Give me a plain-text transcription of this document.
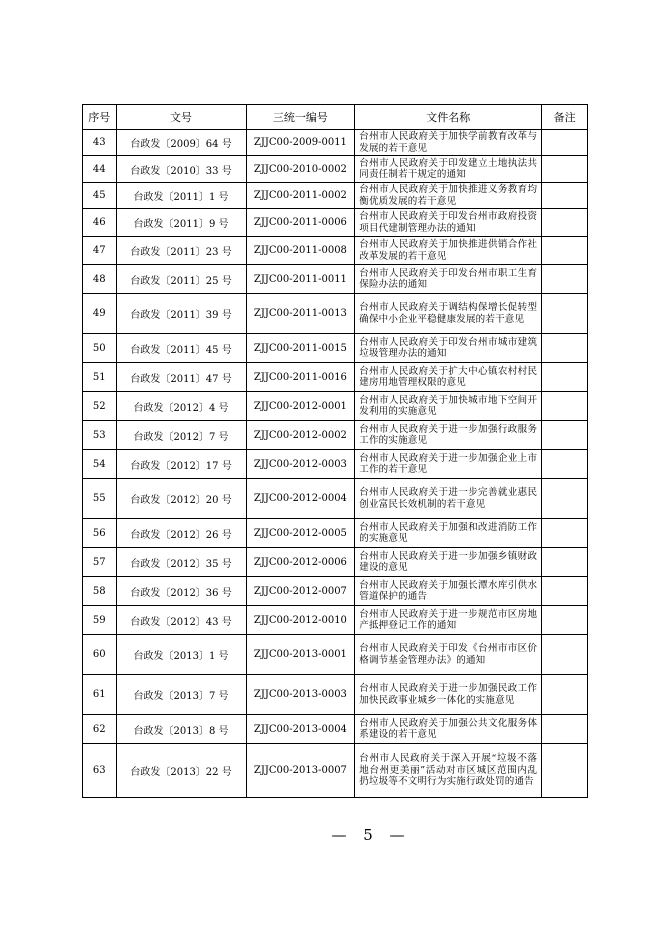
序号	文号	三统一编号	文件名称	备注
43	台政发〔2009〕64 号	ZJJC00-2009-0011	台州市人民政府关于加快学前教育改革与发展的若干意见	
44	台政发〔2010〕33 号	ZJJC00-2010-0002	台州市人民政府关于印发建立土地执法共同责任制若干规定的通知	
45	台政发〔2011〕1 号	ZJJC00-2011-0002	台州市人民政府关于加快推进义务教育均衡优质发展的若干意见	
46	台政发〔2011〕9 号	ZJJC00-2011-0006	台州市人民政府关于印发台州市政府投资项目代建制管理办法的通知	
47	台政发〔2011〕23 号	ZJJC00-2011-0008	台州市人民政府关于加快推进供销合作社改革发展的若干意见	
48	台政发〔2011〕25 号	ZJJC00-2011-0011	台州市人民政府关于印发台州市职工生育保险办法的通知	
49	台政发〔2011〕39 号	ZJJC00-2011-0013	台州市人民政府关于调结构保增长促转型确保中小企业平稳健康发展的若干意见	
50	台政发〔2011〕45 号	ZJJC00-2011-0015	台州市人民政府关于印发台州市城市建筑垃圾管理办法的通知	
51	台政发〔2011〕47 号	ZJJC00-2011-0016	台州市人民政府关于扩大中心镇农村村民建房用地管理权限的意见	
52	台政发〔2012〕4 号	ZJJC00-2012-0001	台州市人民政府关于加快城市地下空间开发利用的实施意见	
53	台政发〔2012〕7 号	ZJJC00-2012-0002	台州市人民政府关于进一步加强行政服务工作的实施意见	
54	台政发〔2012〕17 号	ZJJC00-2012-0003	台州市人民政府关于进一步加强企业上市工作的若干意见	
55	台政发〔2012〕20 号	ZJJC00-2012-0004	台州市人民政府关于进一步完善就业惠民创业富民长效机制的若干意见	
56	台政发〔2012〕26 号	ZJJC00-2012-0005	台州市人民政府关于加强和改进消防工作的实施意见	
57	台政发〔2012〕35 号	ZJJC00-2012-0006	台州市人民政府关于进一步加强乡镇财政建设的意见	
58	台政发〔2012〕36 号	ZJJC00-2012-0007	台州市人民政府关于加强长潭水库引供水管道保护的通告	
59	台政发〔2012〕43 号	ZJJC00-2012-0010	台州市人民政府关于进一步规范市区房地产抵押登记工作的通知	
60	台政发〔2013〕1 号	ZJJC00-2013-0001	台州市人民政府关于印发《台州市市区价格调节基金管理办法》的通知	
61	台政发〔2013〕7 号	ZJJC00-2013-0003	台州市人民政府关于进一步加强民政工作加快民政事业城乡一体化的实施意见	
62	台政发〔2013〕8 号	ZJJC00-2013-0004	台州市人民政府关于加强公共文化服务体系建设的若干意见	
63	台政发〔2013〕22 号	ZJJC00-2013-0007	台州市人民政府关于深入开展“垃圾不落地台州更美丽”活动对市区城区范围内乱扔垃圾等不文明行为实施行政处罚的通告	
— 5 —
